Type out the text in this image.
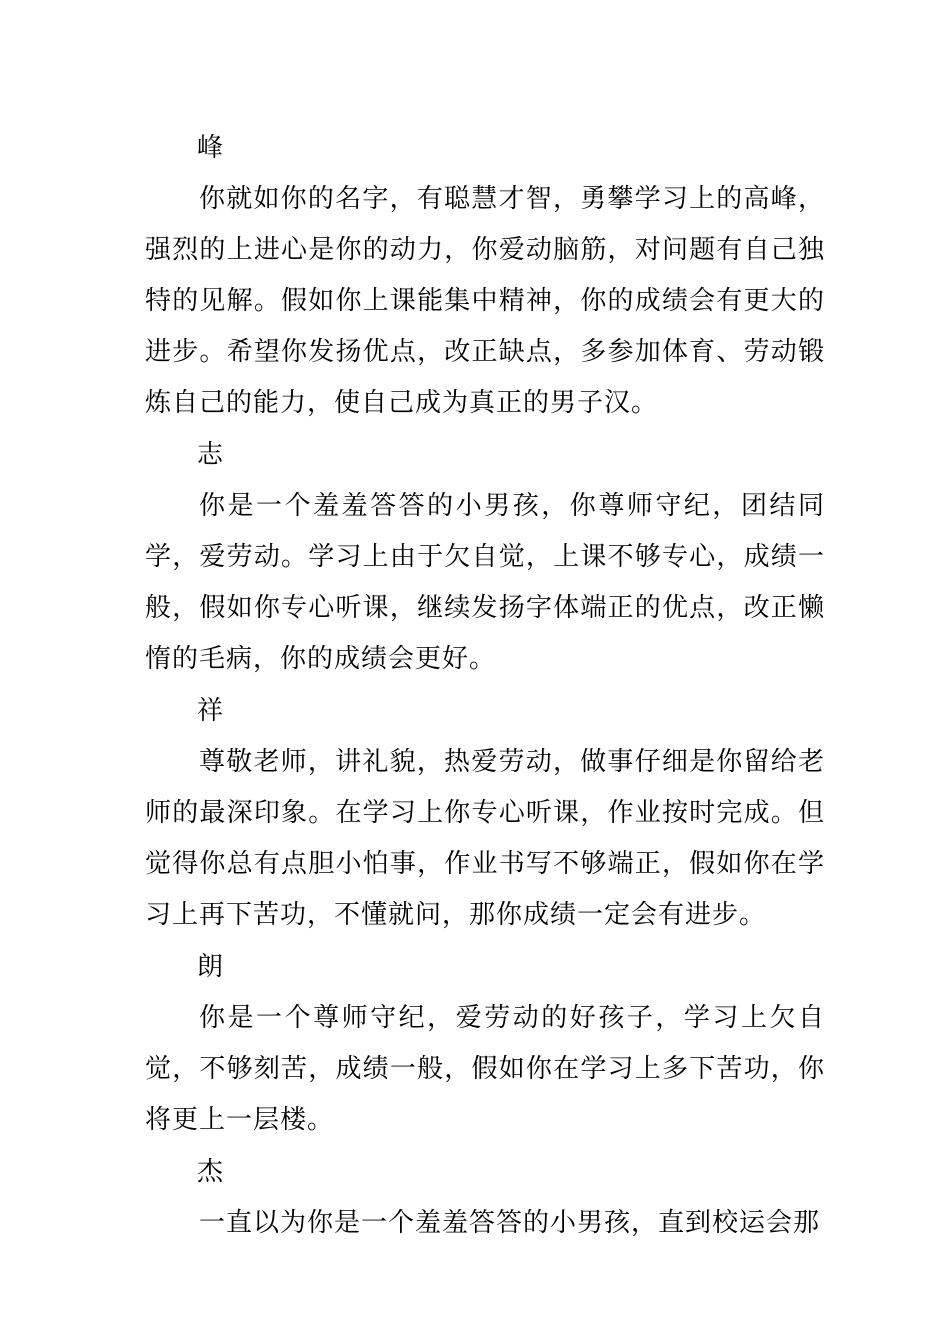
峰

你就如你的名字，有聪慧才智，勇攀学习上的高峰，强烈的上进心是你的动力，你爱动脑筋，对问题有自己独特的见解。假如你上课能集中精神，你的成绩会有更大的进步。希望你发扬优点，改正缺点，多参加体育、劳动锻炼自己的能力，使自己成为真正的男子汉。

志

你是一个羞羞答答的小男孩，你尊师守纪，团结同学，爱劳动。学习上由于欠自觉，上课不够专心，成绩一般，假如你专心听课，继续发扬字体端正的优点，改正懒惰的毛病，你的成绩会更好。

祥

尊敬老师，讲礼貌，热爱劳动，做事仔细是你留给老师的最深印象。在学习上你专心听课，作业按时完成。但觉得你总有点胆小怕事，作业书写不够端正，假如你在学习上再下苦功，不懂就问，那你成绩一定会有进步。

朗

你是一个尊师守纪，爱劳动的好孩子，学习上欠自觉，不够刻苦，成绩一般，假如你在学习上多下苦功，你将更上一层楼。

杰

一直以为你是一个羞羞答答的小男孩，直到校运会那
